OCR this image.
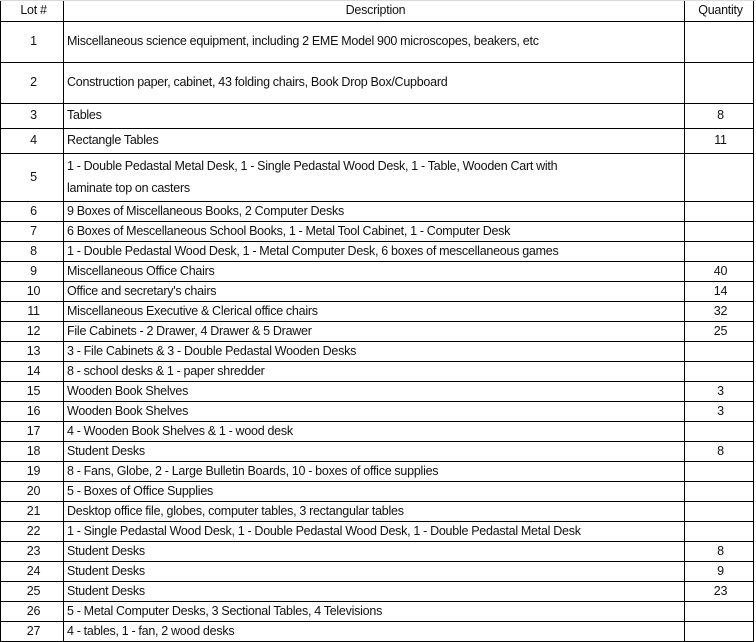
Lot #	Description	Quantity
1	Miscellaneous science equipment, including 2 EME Model 900 microscopes, beakers, etc	
2	Construction paper, cabinet, 43 folding chairs, Book Drop Box/Cupboard	
3	Tables	8
4	Rectangle Tables	11
5	1 - Double Pedastal Metal Desk, 1 - Single Pedastal Wood Desk, 1 - Table, Wooden Cart with
laminate top on casters	

6	9 Boxes of Miscellaneous Books, 2 Computer Desks	
7	6 Boxes of Mescellaneous School Books, 1 - Metal Tool Cabinet, 1 - Computer Desk	
8	1 - Double Pedastal Wood Desk, 1 - Metal Computer Desk, 6 boxes of mescellaneous games	
9	Miscellaneous Office Chairs	40
10	Office and secretary's chairs	14
11	Miscellaneous Executive & Clerical office chairs	32
12	File Cabinets - 2 Drawer, 4 Drawer & 5 Drawer	25
13	3 - File Cabinets & 3 - Double Pedastal Wooden Desks	
14	8 - school desks & 1 - paper shredder	
15	Wooden Book Shelves	3
16	Wooden Book Shelves	3
17	4 - Wooden Book Shelves & 1 - wood desk	
18	Student Desks	8
19	8 - Fans, Globe, 2 - Large Bulletin Boards, 10 - boxes of office supplies	
20	5 - Boxes of Office Supplies	
21	Desktop office file, globes, computer tables, 3 rectangular tables	
22	1 - Single Pedastal Wood Desk, 1 - Double Pedastal Wood Desk, 1 - Double Pedastal Metal Desk	
23	Student Desks	8
24	Student Desks	9
25	Student Desks	23
26	5 - Metal Computer Desks, 3 Sectional Tables, 4 Televisions	
27	4 - tables, 1 - fan, 2 wood desks	
